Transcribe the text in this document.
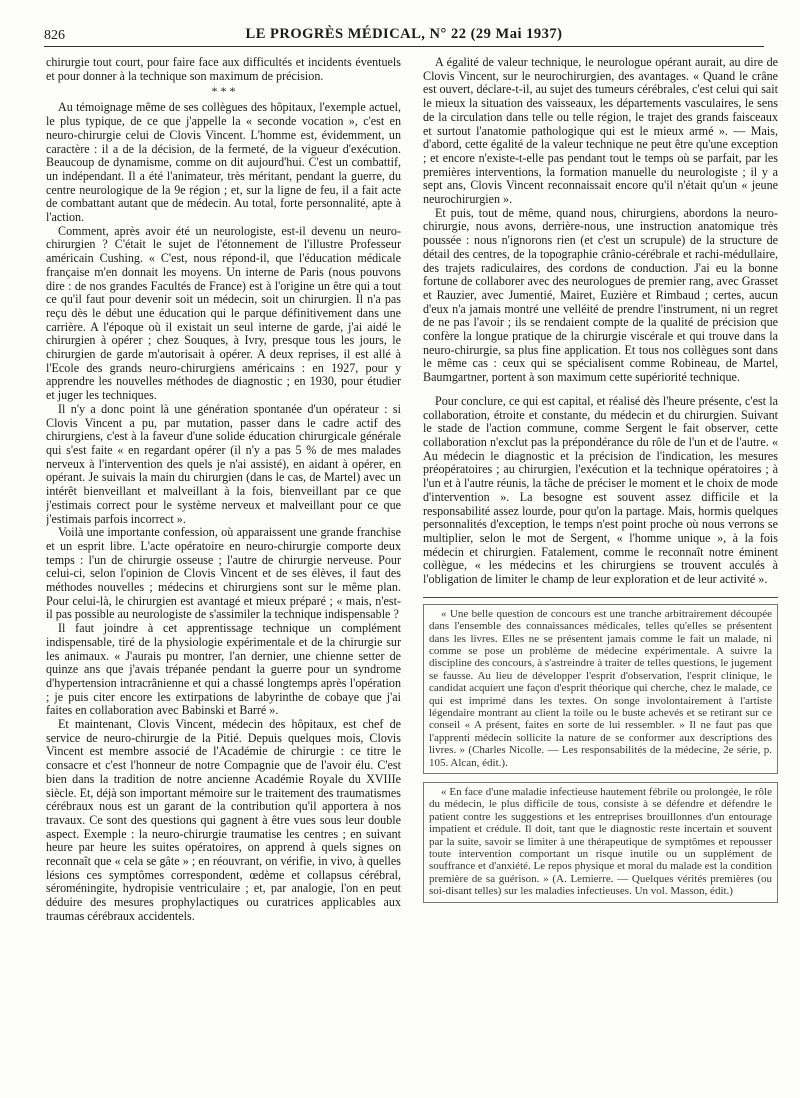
826	LE PROGRÈS MÉDICAL, N° 22 (29 Mai 1937)

chirurgie tout court, pour faire face aux difficultés et incidents éventuels et pour donner à la technique son maximum de précision.

* * *

Au témoignage même de ses collègues des hôpitaux, l'exemple actuel, le plus typique, de ce que j'appelle la « seconde vocation », c'est en neuro-chirurgie celui de Clovis Vincent. L'homme est, évidemment, un caractère : il a de la décision, de la fermeté, de la vigueur d'exécution. Beaucoup de dynamisme, comme on dit aujourd'hui. C'est un combattif, un indépendant. Il a été l'animateur, très méritant, pendant la guerre, du centre neurologique de la 9e région ; et, sur la ligne de feu, il a fait acte de combattant autant que de médecin. Au total, forte personnalité, apte à l'action.

Comment, après avoir été un neurologiste, est-il devenu un neuro-chirurgien ? C'était le sujet de l'étonnement de l'illustre Professeur américain Cushing. « C'est, nous répond-il, que l'éducation médicale française m'en donnait les moyens. Un interne de Paris (nous pouvons dire : de nos grandes Facultés de France) est à l'origine un être qui a tout ce qu'il faut pour devenir soit un médecin, soit un chirurgien. Il n'a pas reçu dès le début une éducation qui le parque définitivement dans une carrière. A l'époque où il existait un seul interne de garde, j'ai aidé le chirurgien à opérer ; chez Souques, à Ivry, presque tous les jours, le chirurgien de garde m'autorisait à opérer. A deux reprises, il est allé à l'Ecole des grands neuro-chirurgiens américains : en 1927, pour y apprendre les nouvelles méthodes de diagnostic ; en 1930, pour étudier et juger les techniques.

Il n'y a donc point là une génération spontanée d'un opérateur : si Clovis Vincent a pu, par mutation, passer dans le cadre actif des chirurgiens, c'est à la faveur d'une solide éducation chirurgicale générale qui s'est faite « en regardant opérer (il n'y a pas 5 % de mes malades nerveux à l'intervention des quels je n'ai assisté), en aidant à opérer, en opérant. Je suivais la main du chirurgien (dans le cas, de Martel) avec un intérêt bienveillant et malveillant à la fois, bienveillant par ce que j'estimais correct pour le système nerveux et malveillant pour ce que j'estimais parfois incorrect ».

Voilà une importante confession, où apparaissent une grande franchise et un esprit libre. L'acte opératoire en neuro-chirurgie comporte deux temps : l'un de chirurgie osseuse ; l'autre de chirurgie nerveuse. Pour celui-ci, selon l'opinion de Clovis Vincent et de ses élèves, il faut des méthodes nouvelles ; médecins et chirurgiens sont sur le même plan. Pour celui-là, le chirurgien est avantagé et mieux préparé ; « mais, n'est-il pas possible au neurologiste de s'assimiler la technique indispensable ?

Il faut joindre à cet apprentissage technique un complément indispensable, tiré de la physiologie expérimentale et de la chirurgie sur les animaux. « J'aurais pu montrer, l'an dernier, une chienne setter de quinze ans que j'avais trépanée pendant la guerre pour un syndrome d'hypertension intracrânienne et qui a chassé longtemps après l'opération ; je puis citer encore les extirpations de labyrinthe de cobaye que j'ai faites en collaboration avec Babinski et Barré ».

Et maintenant, Clovis Vincent, médecin des hôpitaux, est chef de service de neuro-chirurgie de la Pitié. Depuis quelques mois, Clovis Vincent est membre associé de l'Académie de chirurgie : ce titre le consacre et c'est l'honneur de notre Compagnie que de l'avoir élu. C'est bien dans la tradition de notre ancienne Académie Royale du XVIIIe siècle. Et, déjà son important mémoire sur le traitement des traumatismes cérébraux nous est un garant de la contribution qu'il apportera à nos travaux. Ce sont des questions qui gagnent à être vues sous leur double aspect. Exemple : la neuro-chirurgie traumatise les centres ; en suivant heure par heure les suites opératoires, on apprend à quels signes on reconnaît que « cela se gâte » ; en réouvrant, on vérifie, in vivo, à quelles lésions ces symptômes correspondent, œdème et collapsus cérébral, séroméningite, hydropisie ventriculaire ; et, par analogie, l'on en peut déduire des mesures prophylactiques ou curatrices applicables aux traumas cérébraux accidentels.

A égalité de valeur technique, le neurologue opérant aurait, au dire de Clovis Vincent, sur le neurochirurgien, des avantages. « Quand le crâne est ouvert, déclare-t-il, au sujet des tumeurs cérébrales, c'est celui qui sait le mieux la situation des vaisseaux, les départements vasculaires, le sens de la circulation dans telle ou telle région, le trajet des grands faisceaux et surtout l'anatomie pathologique qui est le mieux armé ». — Mais, d'abord, cette égalité de la valeur technique ne peut être qu'une exception ; et encore n'existe-t-elle pas pendant tout le temps où se parfait, par les premières interventions, la formation manuelle du neurologiste ; il y a sept ans, Clovis Vincent reconnaissait encore qu'il n'était qu'un « jeune neurochirurgien ».

Et puis, tout de même, quand nous, chirurgiens, abordons la neuro-chirurgie, nous avons, derrière-nous, une instruction anatomique très poussée : nous n'ignorons rien (et c'est un scrupule) de la structure de détail des centres, de la topographie crânio-cérébrale et rachi-médullaire, des trajets radiculaires, des cordons de conduction. J'ai eu la bonne fortune de collaborer avec des neurologues de premier rang, avec Grasset et Rauzier, avec Jumentié, Mairet, Euzière et Rimbaud ; certes, aucun d'eux n'a jamais montré une velléité de prendre l'instrument, ni un regret de ne pas l'avoir ; ils se rendaient compte de la qualité de précision que confère la longue pratique de la chirurgie viscérale et qui trouve dans la neuro-chirurgie, sa plus fine application. Et tous nos collègues sont dans le même cas : ceux qui se spécialisent comme Robineau, de Martel, Baumgartner, portent à son maximum cette supériorité technique.

Pour conclure, ce qui est capital, et réalisé dès l'heure présente, c'est la collaboration, étroite et constante, du médecin et du chirurgien. Suivant le stade de l'action commune, comme Sergent le fait observer, cette collaboration n'exclut pas la prépondérance du rôle de l'un et de l'autre. « Au médecin le diagnostic et la précision de l'indication, les mesures préopératoires ; au chirurgien, l'exécution et la technique opératoires ; à l'un et à l'autre réunis, la tâche de préciser le moment et le choix de mode d'intervention ». La besogne est souvent assez difficile et la responsabilité assez lourde, pour qu'on la partage. Mais, hormis quelques personnalités d'exception, le temps n'est point proche où nous verrons se multiplier, selon le mot de Sergent, « l'homme unique », à la fois médecin et chirurgien. Fatalement, comme le reconnaît notre éminent collègue, « les médecins et les chirurgiens se trouvent acculés à l'obligation de limiter le champ de leur exploration et de leur activité ».

« Une belle question de concours est une tranche arbitrairement découpée dans l'ensemble des connaissances médicales, telles qu'elles se présentent dans les livres. Elles ne se présentent jamais comme le fait un malade, ni comme se pose un problème de médecine expérimentale. A suivre la discipline des concours, à s'astreindre à traiter de telles questions, le jugement se fausse. Au lieu de développer l'esprit d'observation, l'esprit clinique, le candidat acquiert une façon d'esprit théorique qui cherche, chez le malade, ce qui est imprimé dans les textes. On songe involontairement à l'artiste légendaire montrant au client la toile ou le buste achevés et se retirant sur ce conseil « A présent, faites en sorte de lui ressembler. » Il ne faut pas que l'apprenti médecin sollicite la nature de se conformer aux descriptions des livres. » (Charles Nicolle. — Les responsabilités de la médecine, 2e série, p. 105. Alcan, édit.).

« En face d'une maladie infectieuse hautement fébrile ou prolongée, le rôle du médecin, le plus difficile de tous, consiste à se défendre et défendre le patient contre les suggestions et les entreprises brouillonnes d'un entourage impatient et crédule. Il doit, tant que le diagnostic reste incertain et souvent par la suite, savoir se limiter à une thérapeutique de symptômes et repousser toute intervention comportant un risque inutile ou un supplément de souffrance et d'anxiété. Le repos physique et moral du malade est la condition première de sa guérison. » (A. Lemierre. — Quelques vérités premières (ou soi-disant telles) sur les maladies infectieuses. Un vol. Masson, édit.)
